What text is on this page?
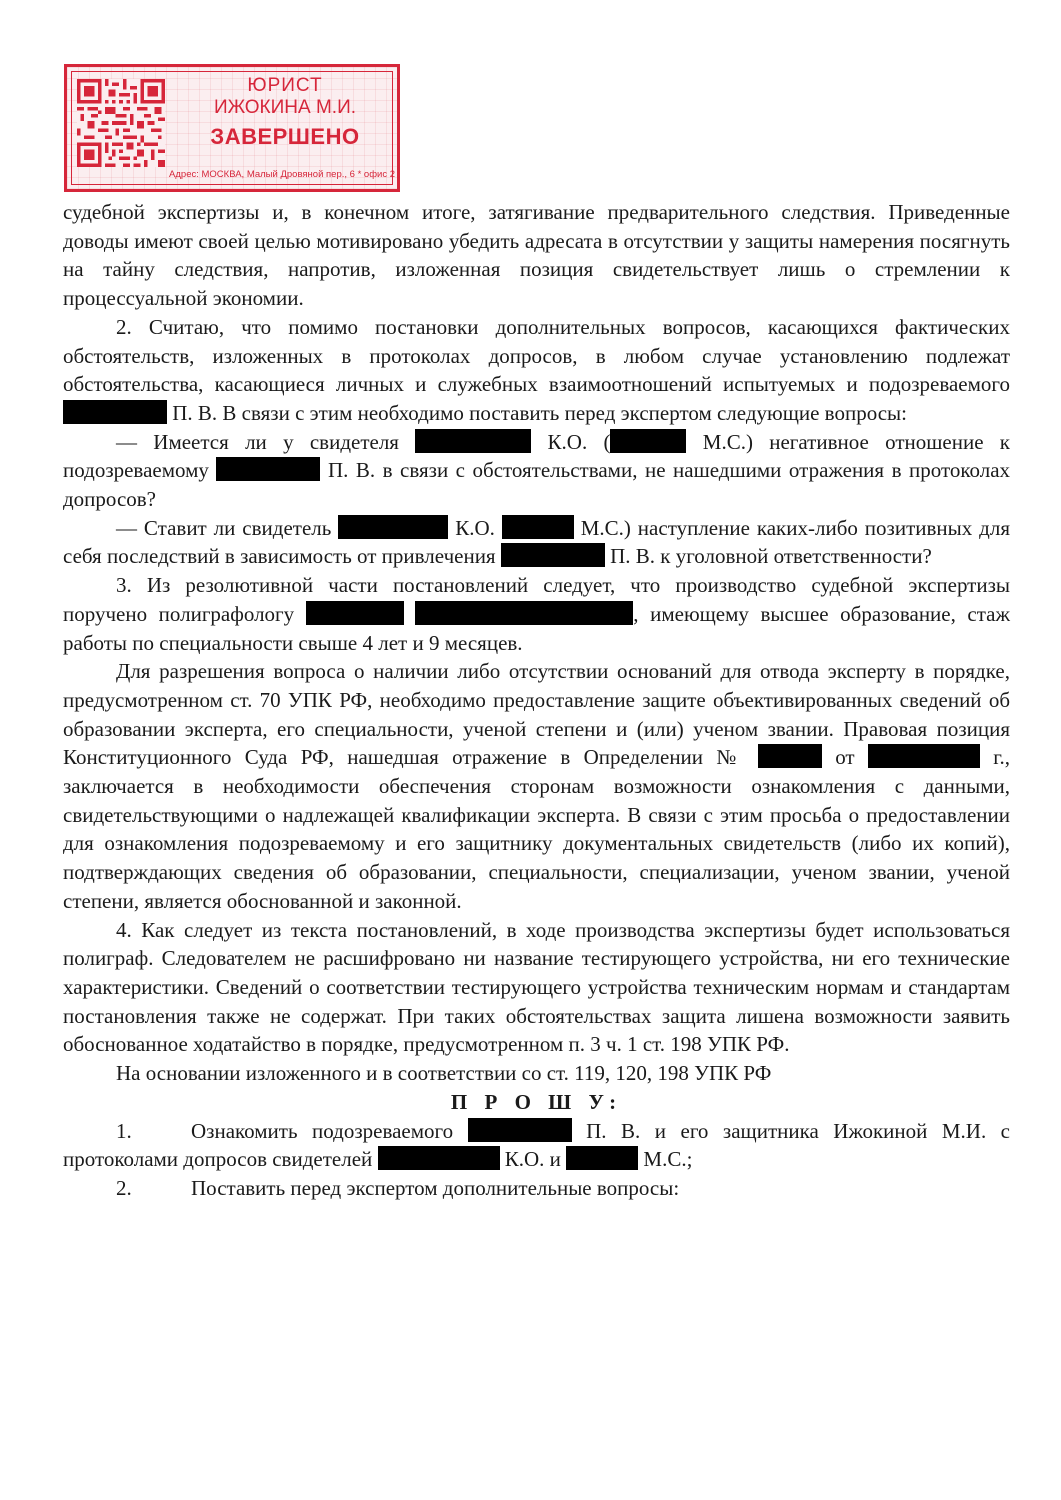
ЮРИСТ
ИЖОКИНА М.И.
ЗАВЕРШЕНО
Адрес: МОСКВА, Малый Дровяной пер., 6 * офис 2

судебной экспертизы и, в конечном итоге, затягивание предварительного следствия. Приведенные доводы имеют своей целью мотивировано убедить адресата в отсутствии у защиты намерения посягнуть на тайну следствия, напротив, изложенная позиция свидетельствует лишь о стремлении к процессуальной экономии.

2. Считаю, что помимо постановки дополнительных вопросов, касающихся фактических обстоятельств, изложенных в протоколах допросов, в любом случае установлению подлежат обстоятельства, касающиеся личных и служебных взаимоотношений испытуемых и подозреваемого  П. В. В связи с этим необходимо поставить перед экспертом следующие вопросы:

— Имеется ли у свидетеля	К.О. (	М.С.) негативное отношение к подозреваемому	П. В. в связи с обстоятельствами, не нашедшими отражения в протоколах допросов?

— Ставит ли свидетель	К.О.	М.С.) наступление каких-либо позитивных для себя последствий в зависимость от привлечения	П. В. к уголовной ответственности?

3. Из резолютивной части постановлений следует, что производство судебной экспертизы поручено полиграфологу	, имеющему высшее образование, стаж работы по специальности свыше 4 лет и 9 месяцев.

Для разрешения вопроса о наличии либо отсутствии оснований для отвода эксперту в порядке, предусмотренном ст. 70 УПК РФ, необходимо предоставление защите объективированных сведений об образовании эксперта, его специальности, ученой степени и (или) ученом звании. Правовая позиция Конституционного Суда РФ, нашедшая отражение в Определении №	от	г., заключается в необходимости обеспечения сторонам возможности ознакомления с данными, свидетельствующими о надлежащей квалификации эксперта. В связи с этим просьба о предоставлении для ознакомления подозреваемому и его защитнику документальных свидетельств (либо их копий), подтверждающих сведения об образовании, специальности, специализации, ученом звании, ученой степени, является обоснованной и законной.

4. Как следует из текста постановлений, в ходе производства экспертизы будет использоваться полиграф. Следователем не расшифровано ни название тестирующего устройства, ни его технические характеристики. Сведений о соответствии тестирующего устройства техническим нормам и стандартам постановления также не содержат. При таких обстоятельствах защита лишена возможности заявить обоснованное ходатайство в порядке, предусмотренном п. 3 ч. 1 ст. 198 УПК РФ.

На основании изложенного и в соответствии со ст. 119, 120, 198 УПК РФ

П Р О Ш У:

1.	Ознакомить подозреваемого	П. В. и его защитника Ижокиной М.И. с протоколами допросов свидетелей	К.О. и	М.С.;

2.	Поставить перед экспертом дополнительные вопросы:
